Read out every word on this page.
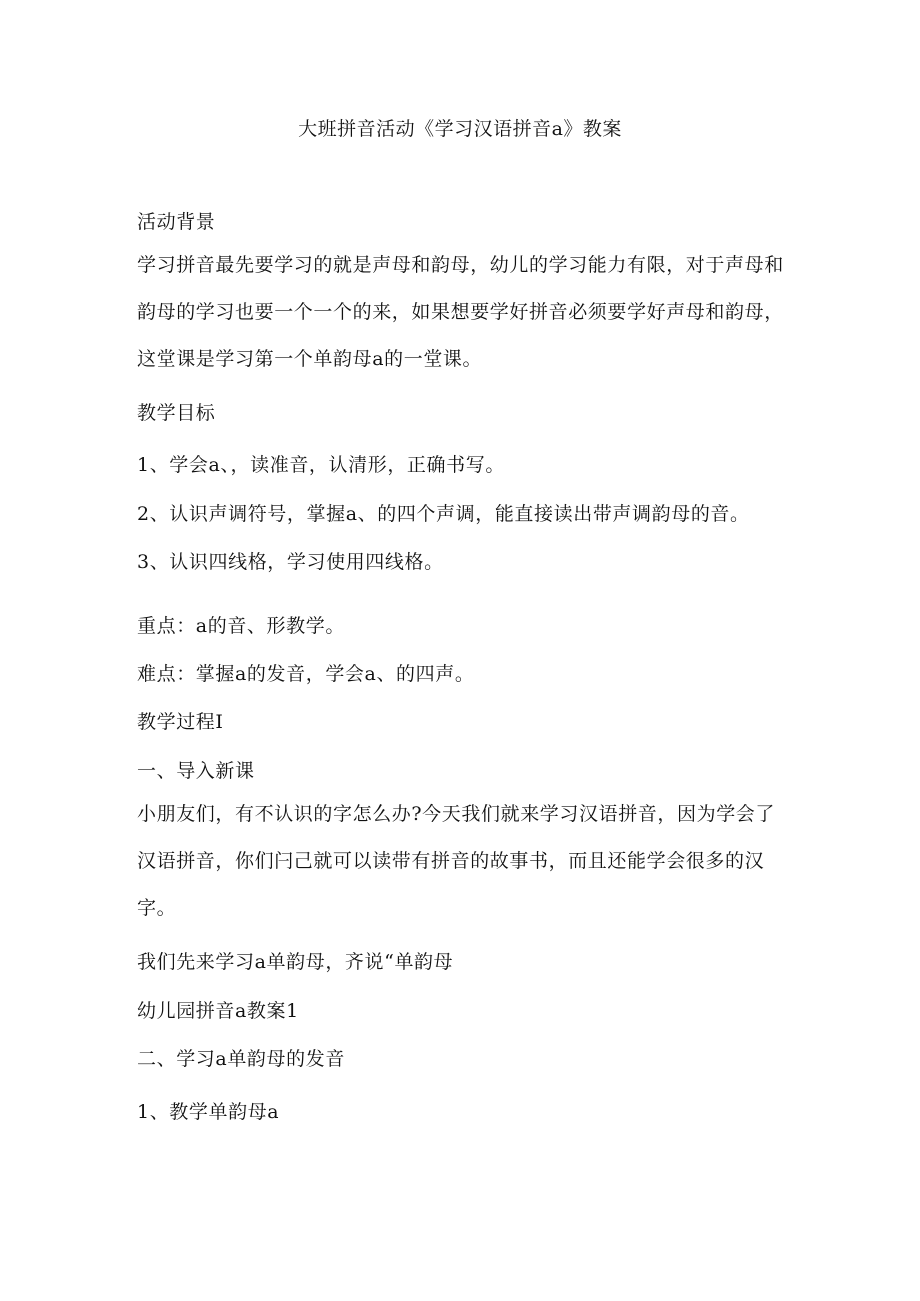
大班拼音活动《学习汉语拼音a》教案
活动背景
学习拼音最先要学习的就是声母和韵母，幼儿的学习能力有限，对于声母和韵母的学习也要一个一个的来，如果想要学好拼音必须要学好声母和韵母，这堂课是学习第一个单韵母a的一堂课。
教学目标
1、学会a、，读准音，认清形，正确书写。
2、认识声调符号，掌握a、的四个声调，能直接读出带声调韵母的音。
3、认识四线格，学习使用四线格。
重点：a的音、形教学。
难点：掌握a的发音，学会a、的四声。
教学过程I
一、导入新课
小朋友们，有不认识的字怎么办?今天我们就来学习汉语拼音，因为学会了汉语拼音，你们闩己就可以读带有拼音的故事书，而且还能学会很多的汉字。
我们先来学习a单韵母，齐说“单韵母
幼儿园拼音a教案1
二、学习a单韵母的发音
1、教学单韵母a
